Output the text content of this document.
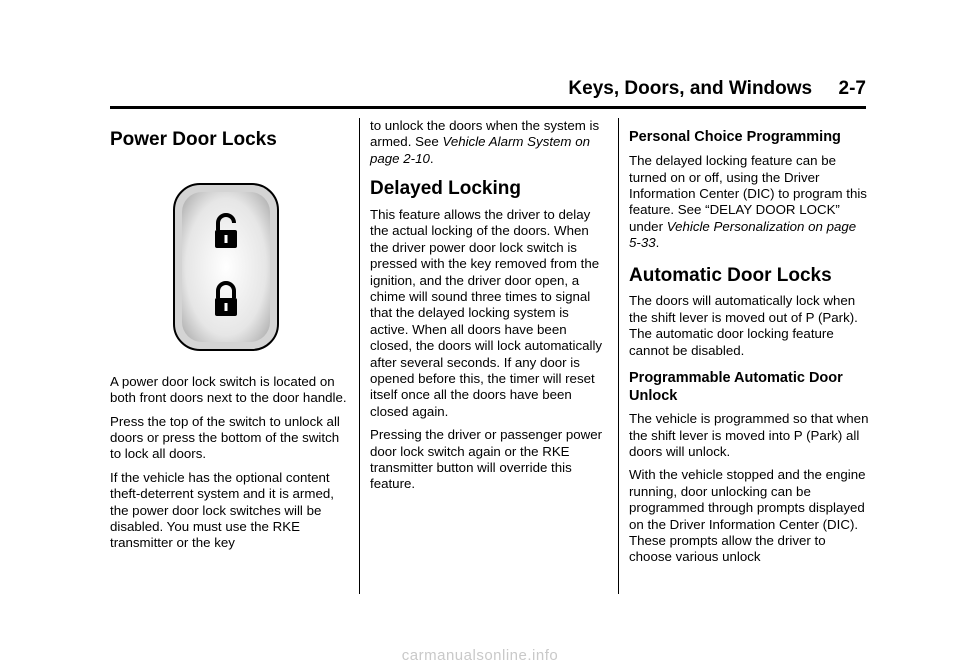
Keys, Doors, and Windows 2-7
Power Door Locks

A power door lock switch is located on both front doors next to the door handle.

Press the top of the switch to unlock all doors or press the bottom of the switch to lock all doors.

If the vehicle has the optional content theft-deterrent system and it is armed, the power door lock switches will be disabled. You must use the RKE transmitter or the key

to unlock the doors when the system is armed. See Vehicle Alarm System on page 2-10.

Delayed Locking

This feature allows the driver to delay the actual locking of the doors. When the driver power door lock switch is pressed with the key removed from the ignition, and the driver door open, a chime will sound three times to signal that the delayed locking system is active. When all doors have been closed, the doors will lock automatically after several seconds. If any door is opened before this, the timer will reset itself once all the doors have been closed again.

Pressing the driver or passenger power door lock switch again or the RKE transmitter button will override this feature.

Personal Choice Programming

The delayed locking feature can be turned on or off, using the Driver Information Center (DIC) to program this feature. See “DELAY DOOR LOCK” under Vehicle Personalization on page 5-33.

Automatic Door Locks

The doors will automatically lock when the shift lever is moved out of P (Park). The automatic door locking feature cannot be disabled.

Programmable Automatic Door Unlock

The vehicle is programmed so that when the shift lever is moved into P (Park) all doors will unlock.

With the vehicle stopped and the engine running, door unlocking can be programmed through prompts displayed on the Driver Information Center (DIC). These prompts allow the driver to choose various unlock

carmanualsonline.info
